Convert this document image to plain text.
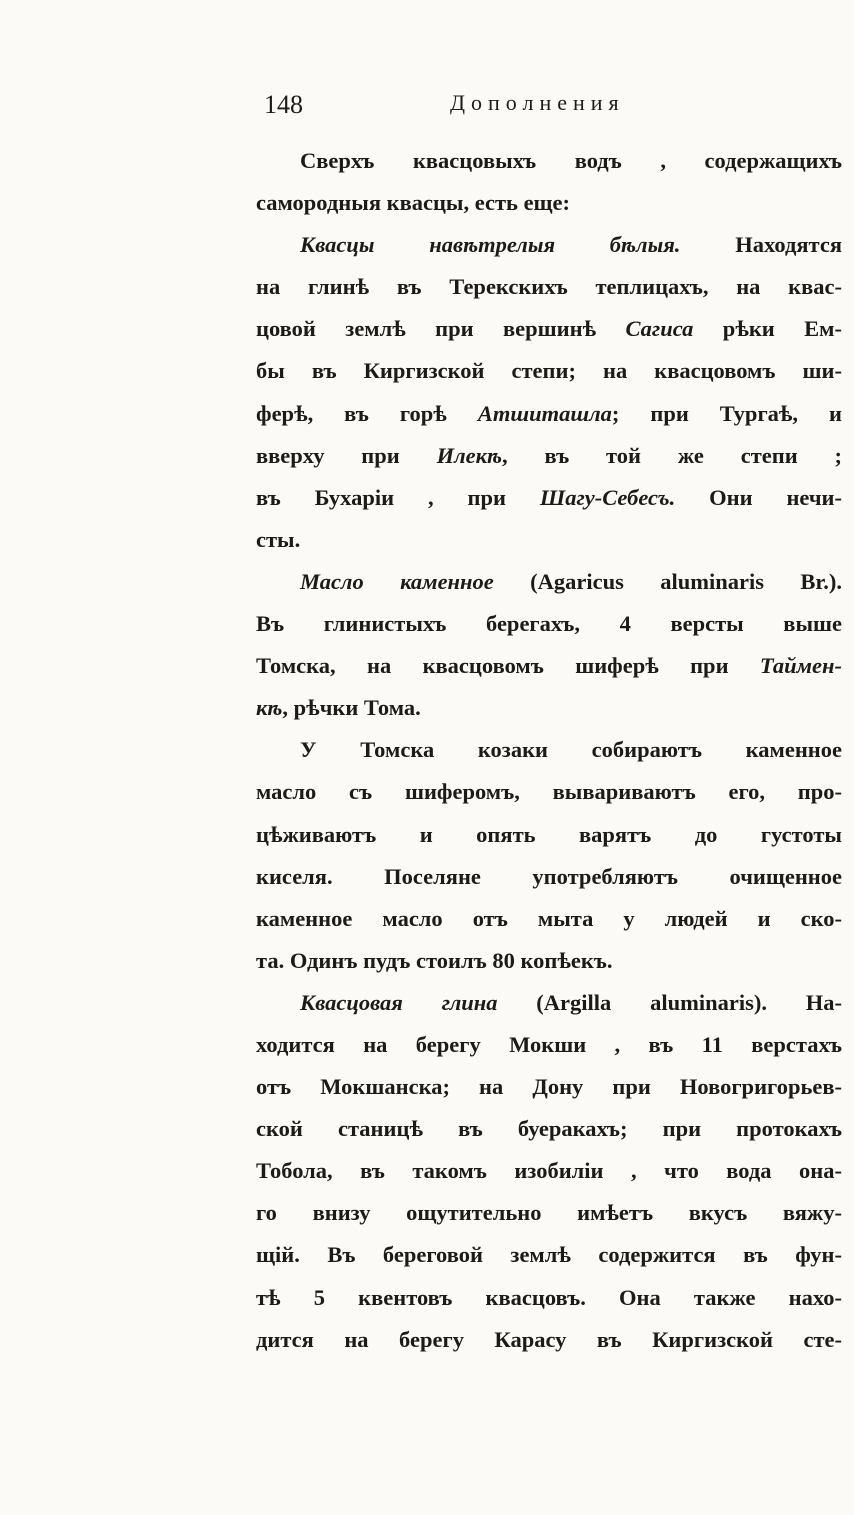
148	Дополнения
Сверхъ квасцовыхъ водъ , содержащихъ
самородныя квасцы, есть еще:
Квасцы навѣтрелыя бѣлыя. Находятся
на глинѣ въ Терекскихъ теплицахъ, на квас-
цовой землѣ при вершинѣ Сагиса рѣки Ем-
бы въ Киргизской степи; на квасцовомъ ши-
ферѣ, въ горѣ Атшиташла; при Тургаѣ, и
вверху при Илекѣ, въ той же степи ;
въ Бухаріи , при Шагу-Себесъ. Они нечи-
сты.
Масло каменное (Agaricus aluminaris Br.).
Въ глинистыхъ берегахъ, 4 версты выше
Томска, на квасцовомъ шиферѣ при Таймен-
кѣ, рѣчки Тома.
У Томска козаки собираютъ каменное
масло съ шиферомъ, вывариваютъ его, про-
цѣживаютъ и опять варятъ до густоты
киселя. Поселяне употребляютъ очищенное
каменное масло отъ мыта у людей и ско-
та. Одинъ пудъ стоилъ 80 копѣекъ.
Квасцовая глина (Argilla aluminaris). На-
ходится на берегу Мокши , въ 11 верстахъ
отъ Мокшанска; на Дону при Новогригорьев-
ской станицѣ въ буеракахъ; при протокахъ
Тобола, въ такомъ изобиліи , что вода она-
го внизу ощутительно имѣетъ вкусъ вяжу-
щій. Въ береговой землѣ содержится въ фун-
тѣ 5 квентовъ квасцовъ. Она также нахо-
дится на берегу Карасу въ Киргизской сте-
